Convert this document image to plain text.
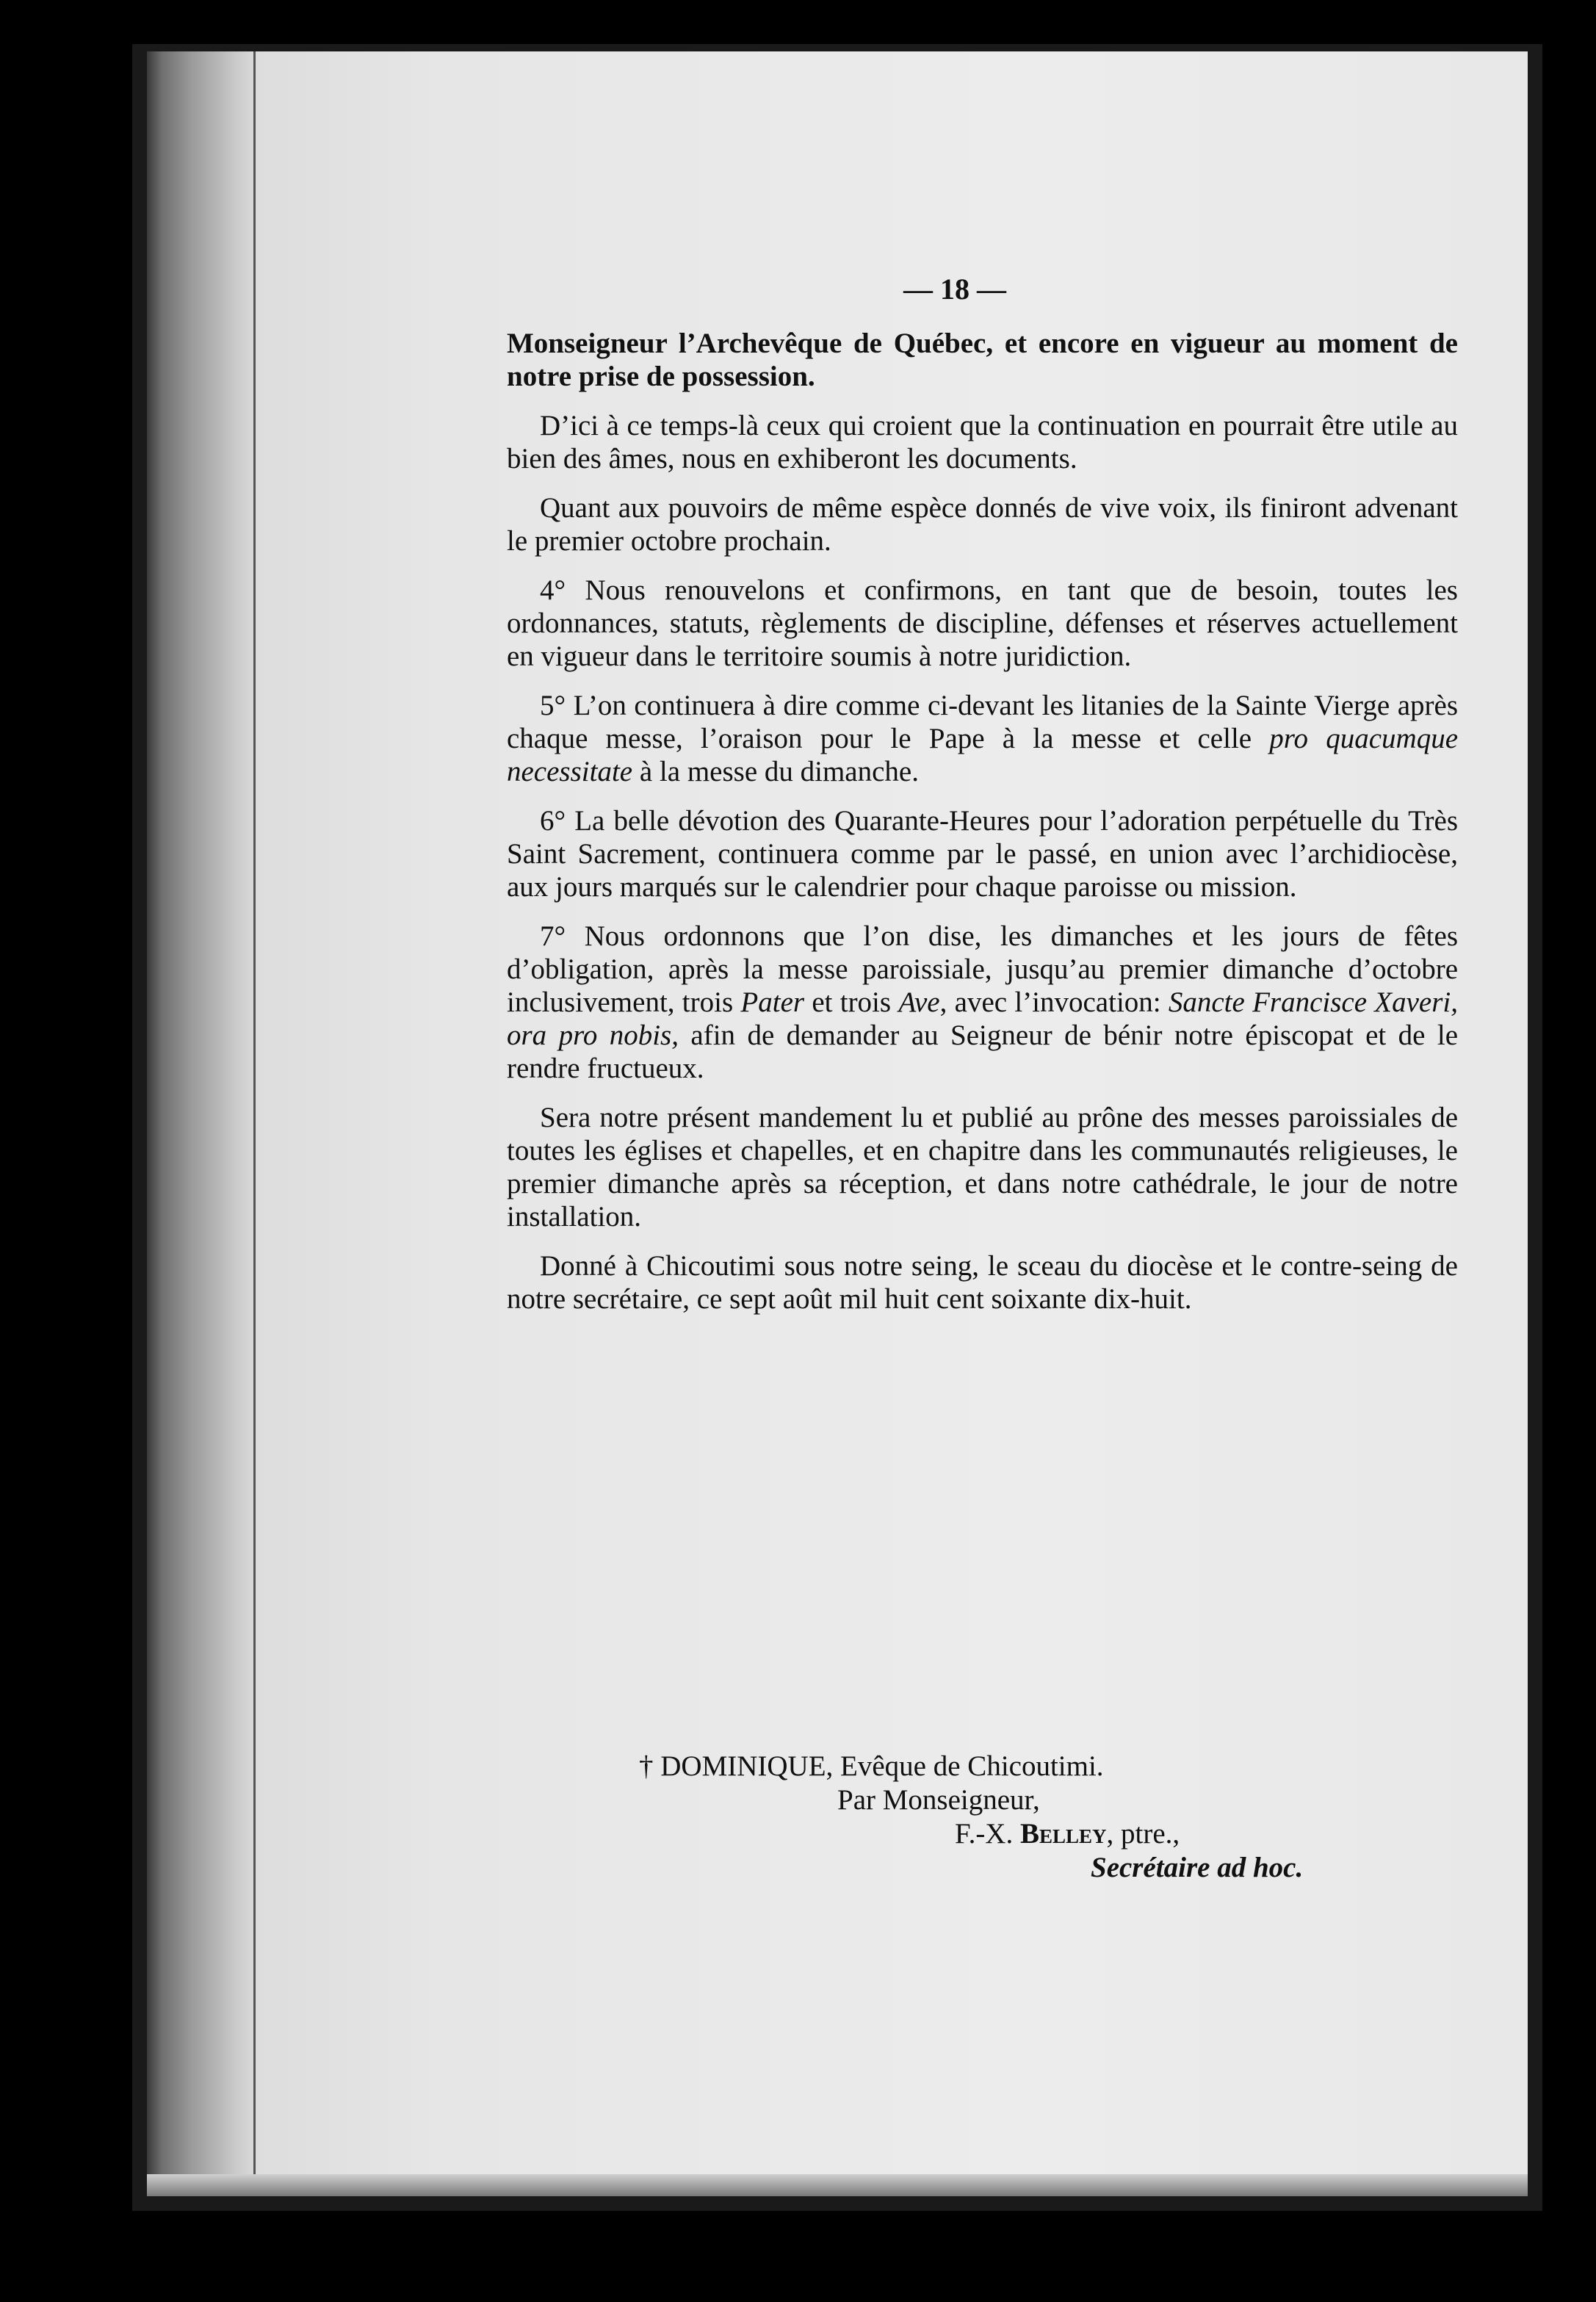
— 18 —

Monseigneur l’Archevêque de Québec, et encore en vigueur au moment de notre prise de possession.

D’ici à ce temps-là ceux qui croient que la continuation en pourrait être utile au bien des âmes, nous en exhiberont les documents.

Quant aux pouvoirs de même espèce donnés de vive voix, ils finiront advenant le premier octobre prochain.

4° Nous renouvelons et confirmons, en tant que de besoin, toutes les ordonnances, statuts, règlements de discipline, défenses et réserves actuellement en vigueur dans le territoire soumis à notre juridiction.

5° L’on continuera à dire comme ci-devant les litanies de la Sainte Vierge après chaque messe, l’oraison pour le Pape à la messe et celle pro quacumque necessitate à la messe du dimanche.

6° La belle dévotion des Quarante-Heures pour l’adoration perpétuelle du Très Saint Sacrement, continuera comme par le passé, en union avec l’archidiocèse, aux jours marqués sur le calendrier pour chaque paroisse ou mission.

7° Nous ordonnons que l’on dise, les dimanches et les jours de fêtes d’obligation, après la messe paroissiale, jusqu’au premier dimanche d’octobre inclusivement, trois Pater et trois Ave, avec l’invocation: Sancte Francisce Xaveri, ora pro nobis, afin de demander au Seigneur de bénir notre épiscopat et de le rendre fructueux.

Sera notre présent mandement lu et publié au prône des messes paroissiales de toutes les églises et chapelles, et en chapitre dans les communautés religieuses, le premier dimanche après sa réception, et dans notre cathédrale, le jour de notre installation.

Donné à Chicoutimi sous notre seing, le sceau du diocèse et le contre-seing de notre secrétaire, ce sept août mil huit cent soixante dix-huit.

† DOMINIQUE, Evêque de Chicoutimi.
Par Monseigneur,
F.-X. Belley, ptre.,
Secrétaire ad hoc.
